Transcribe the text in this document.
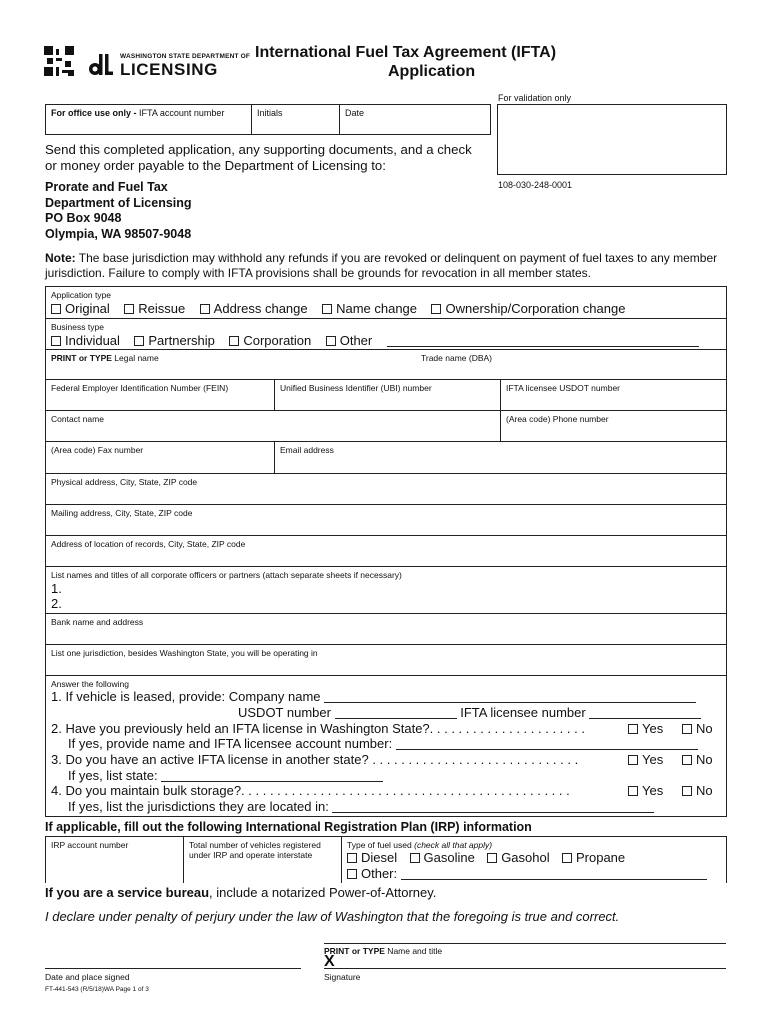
WASHINGTON STATE DEPARTMENT OF
LICENSING
International Fuel Tax Agreement (IFTA)
Application
For validation only
108-030-248-0001
For office use only - IFTA account number	Initials	Date
Send this completed application, any supporting documents, and a check or money order payable to the Department of Licensing to:
Prorate and Fuel Tax
Department of Licensing
PO Box 9048
Olympia, WA 98507-9048
Note: The base jurisdiction may withhold any refunds if you are revoked or delinquent on payment of fuel taxes to any member jurisdiction. Failure to comply with IFTA provisions shall be grounds for revocation in all member states.
Application type
Original Reissue Address change Name change Ownership/Corporation change
Business type
Individual Partnership Corporation Other
PRINT or TYPE Legal name	Trade name (DBA)
Federal Employer Identification Number (FEIN)	Unified Business Identifier (UBI) number	IFTA licensee USDOT number
Contact name	(Area code) Phone number
(Area code) Fax number	Email address
Physical address, City, State, ZIP code
Mailing address, City, State, ZIP code
Address of location of records, City, State, ZIP code
List names and titles of all corporate officers or partners (attach separate sheets if necessary)
1.
2.
Bank name and address
List one jurisdiction, besides Washington State, you will be operating in
Answer the following
1. If vehicle is leased, provide: Company name
USDOT number	IFTA licensee number
2. Have you previously held an IFTA license in Washington State?. . . . . . . . . . . . . . . . . . . . . .	Yes	No
If yes, provide name and IFTA licensee account number:
3. Do you have an active IFTA license in another state? . . . . . . . . . . . . . . . . . . . . . . . . . . . . .	Yes	No
If yes, list state:
4. Do you maintain bulk storage?. . . . . . . . . . . . . . . . . . . . . . . . . . . . . . . . . . . . . . . . . . . . . .	Yes	No
If yes, list the jurisdictions they are located in:
If applicable, fill out the following International Registration Plan (IRP) information
IRP account number	Total number of vehicles registered under IRP and operate interstate
Type of fuel used (check all that apply)
Diesel Gasoline Gasohol Propane
Other:
If you are a service bureau, include a notarized Power-of-Attorney.
I declare under penalty of perjury under the law of Washington that the foregoing is true and correct.
PRINT or TYPE Name and title
X
Signature
Date and place signed
FT-441-543 (R/5/18)WA Page 1 of 3
